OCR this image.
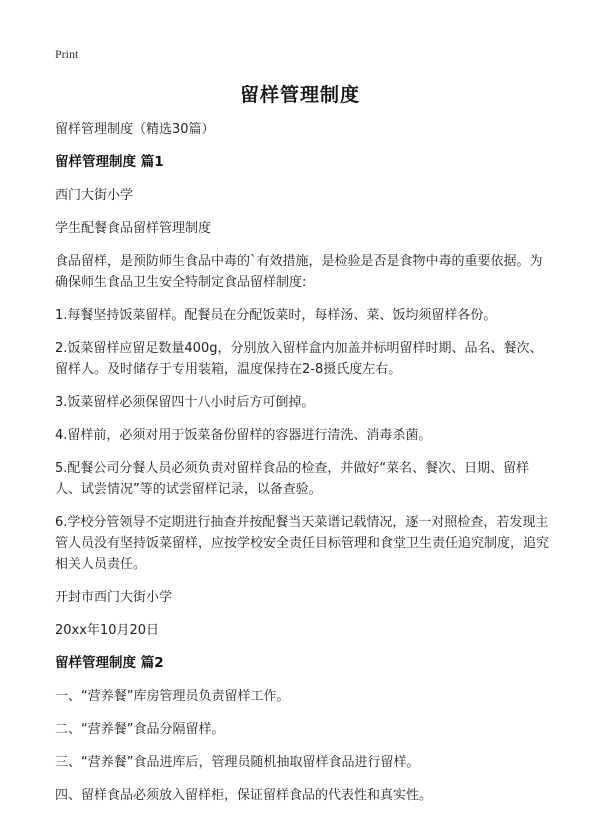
Print
留样管理制度

留样管理制度（精选30篇）

留样管理制度 篇1

西门大街小学

学生配餐食品留样管理制度

食品留样，是预防师生食品中毒的`有效措施，是检验是否是食物中毒的重要依据。为确保师生食品卫生安全特制定食品留样制度:

1.每餐坚持饭菜留样。配餐员在分配饭菜时，每样汤、菜、饭均须留样各份。

2.饭菜留样应留足数量400g，分别放入留样盒内加盖并标明留样时期、品名、餐次、留样人。及时储存于专用装箱，温度保持在2-8摄氏度左右。

3.饭菜留样必须保留四十八小时后方可倒掉。

4.留样前，必须对用于饭菜备份留样的容器进行清洗、消毒杀菌。

5.配餐公司分餐人员必须负责对留样食品的检查，并做好“菜名、餐次、日期、留样人、试尝情况”等的试尝留样记录，以备查验。

6.学校分管领导不定期进行抽查并按配餐当天菜谱记载情况，逐一对照检查，若发现主管人员没有坚持饭菜留样，应按学校安全责任目标管理和食堂卫生责任追究制度，追究相关人员责任。

开封市西门大街小学

20xx年10月20日

留样管理制度 篇2

一、“营养餐”库房管理员负责留样工作。

二、“营养餐”食品分隔留样。

三、“营养餐”食品进库后，管理员随机抽取留样食品进行留样。

四、留样食品必须放入留样柜，保证留样食品的代表性和真实性。
